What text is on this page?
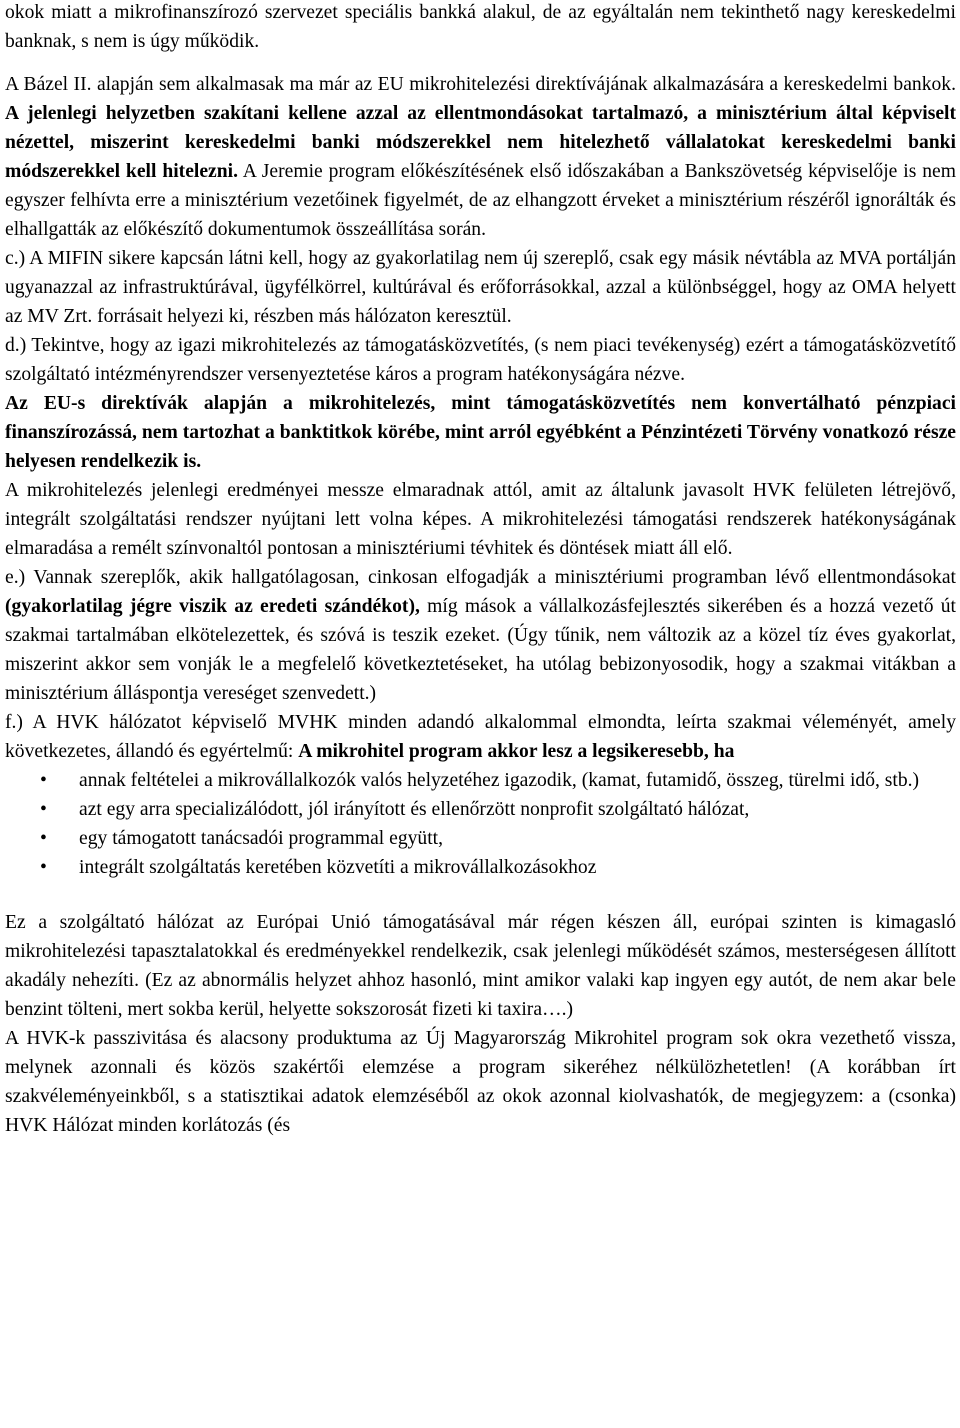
okok miatt a mikrofinanszírozó szervezet speciális bankká alakul, de az egyáltalán nem tekinthető nagy kereskedelmi banknak, s nem is úgy működik.

A Bázel II. alapján sem alkalmasak ma már az EU mikrohitelezési direktívájának alkalmazására a kereskedelmi bankok. A jelenlegi helyzetben szakítani kellene azzal az ellentmondásokat tartalmazó, a minisztérium által képviselt nézettel, miszerint kereskedelmi banki módszerekkel nem hitelezhető vállalatokat kereskedelmi banki módszerekkel kell hitelezni. A Jeremie program előkészítésének első időszakában a Bankszövetség képviselője is nem egyszer felhívta erre a minisztérium vezetőinek figyelmét, de az elhangzott érveket a minisztérium részéről ignorálták és elhallgatták az előkészítő dokumentumok összeállítása során.

c.) A MIFIN sikere kapcsán látni kell, hogy az gyakorlatilag nem új szereplő, csak egy másik névtábla az MVA portálján ugyanazzal az infrastruktúrával, ügyfélkörrel, kultúrával és erőforrásokkal, azzal a különbséggel, hogy az OMA helyett az MV Zrt. forrásait helyezi ki, részben más hálózaton keresztül.

d.) Tekintve, hogy az igazi mikrohitelezés az támogatásközvetítés, (s nem piaci tevékenység) ezért a támogatásközvetítő szolgáltató intézményrendszer versenyeztetése káros a program hatékonyságára nézve.

Az EU-s direktívák alapján a mikrohitelezés, mint támogatásközvetítés nem konvertálható pénzpiaci finanszírozássá, nem tartozhat a banktitkok körébe, mint arról egyébként a Pénzintézeti Törvény vonatkozó része helyesen rendelkezik is.

A mikrohitelezés jelenlegi eredményei messze elmaradnak attól, amit az általunk javasolt HVK felületen létrejövő, integrált szolgáltatási rendszer nyújtani lett volna képes. A mikrohitelezési támogatási rendszerek hatékonyságának elmaradása a remélt színvonaltól pontosan a minisztériumi tévhitek és döntések miatt áll elő.

e.) Vannak szereplők, akik hallgatólagosan, cinkosan elfogadják a minisztériumi programban lévő ellentmondásokat (gyakorlatilag jégre viszik az eredeti szándékot), míg mások a vállalkozásfejlesztés sikerében és a hozzá vezető út szakmai tartalmában elkötelezettek, és szóvá is teszik ezeket. (Úgy tűnik, nem változik az a közel tíz éves gyakorlat, miszerint akkor sem vonják le a megfelelő következtetéseket, ha utólag bebizonyosodik, hogy a szakmai vitákban a minisztérium álláspontja vereséget szenvedett.)

f.) A HVK hálózatot képviselő MVHK minden adandó alkalommal elmondta, leírta szakmai véleményét, amely következetes, állandó és egyértelmű: A mikrohitel program akkor lesz a legsikeresebb, ha

• annak feltételei a mikrovállalkozók valós helyzetéhez igazodik, (kamat, futamidő, összeg, türelmi idő, stb.)
• azt egy arra specializálódott, jól irányított és ellenőrzött nonprofit szolgáltató hálózat,
• egy támogatott tanácsadói programmal együtt,
• integrált szolgáltatás keretében közvetíti a mikrovállalkozásokhoz

Ez a szolgáltató hálózat az Európai Unió támogatásával már régen készen áll, európai szinten is kimagasló mikrohitelezési tapasztalatokkal és eredményekkel rendelkezik, csak jelenlegi működését számos, mesterségesen állított akadály nehezíti. (Ez az abnormális helyzet ahhoz hasonló, mint amikor valaki kap ingyen egy autót, de nem akar bele benzint tölteni, mert sokba kerül, helyette sokszorosát fizeti ki taxira….)

A HVK-k passzivitása és alacsony produktuma az Új Magyarország Mikrohitel program sok okra vezethető vissza, melynek azonnali és közös szakértői elemzése a program sikeréhez nélkülözhetetlen! (A korábban írt szakvéleményeinkből, s a statisztikai adatok elemzéséből az okok azonnal kiolvashatók, de megjegyzem: a (csonka) HVK Hálózat minden korlátozás (és
